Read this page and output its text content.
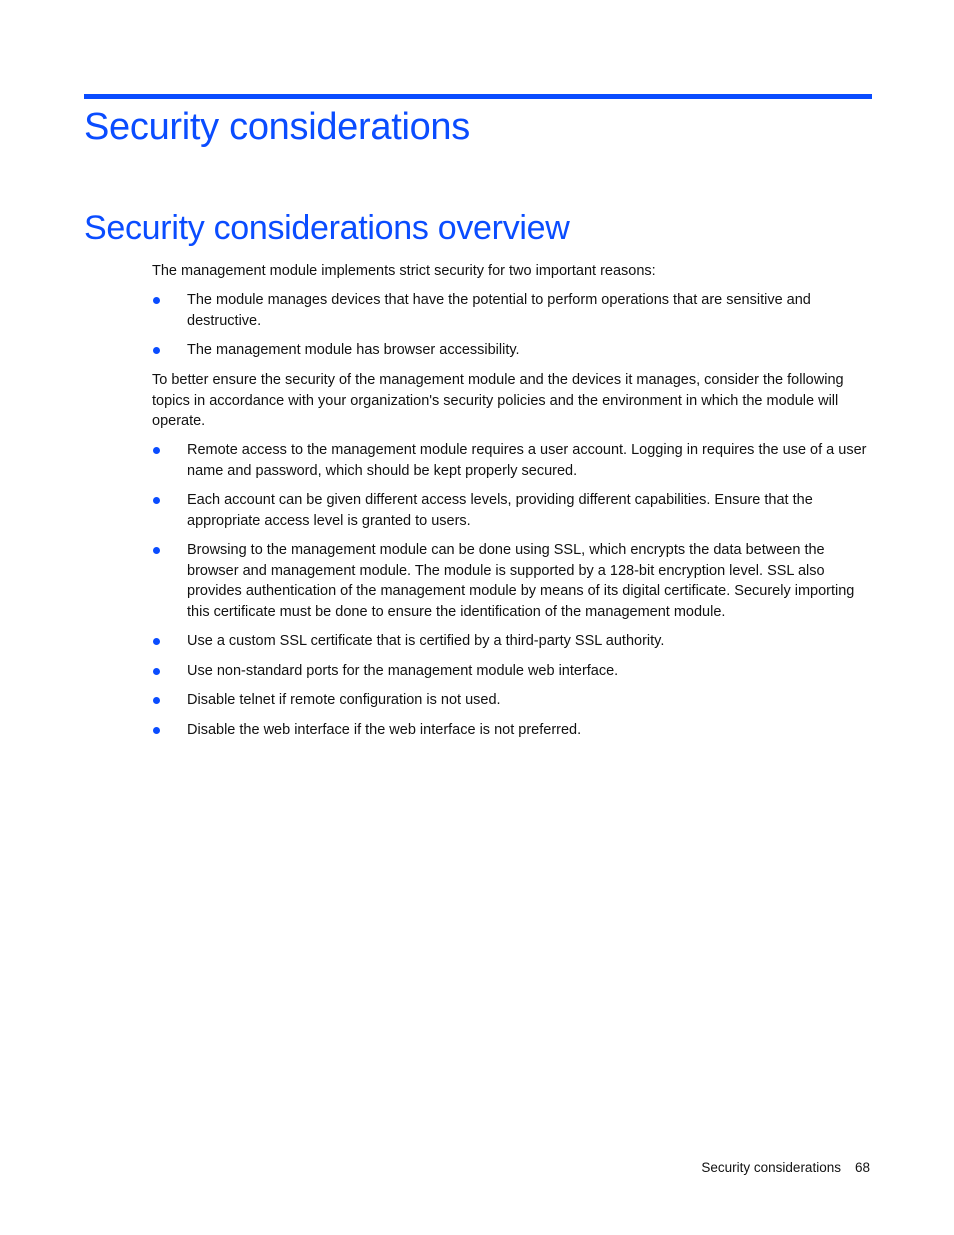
Security considerations
Security considerations overview

The management module implements strict security for two important reasons:

The module manages devices that have the potential to perform operations that are sensitive and destructive.
The management module has browser accessibility.

To better ensure the security of the management module and the devices it manages, consider the following topics in accordance with your organization's security policies and the environment in which the module will operate.

Remote access to the management module requires a user account. Logging in requires the use of a user name and password, which should be kept properly secured.
Each account can be given different access levels, providing different capabilities. Ensure that the appropriate access level is granted to users.
Browsing to the management module can be done using SSL, which encrypts the data between the browser and management module. The module is supported by a 128-bit encryption level. SSL also provides authentication of the management module by means of its digital certificate. Securely importing this certificate must be done to ensure the identification of the management module.
Use a custom SSL certificate that is certified by a third-party SSL authority.
Use non-standard ports for the management module web interface.
Disable telnet if remote configuration is not used.
Disable the web interface if the web interface is not preferred.
Security considerations 68
